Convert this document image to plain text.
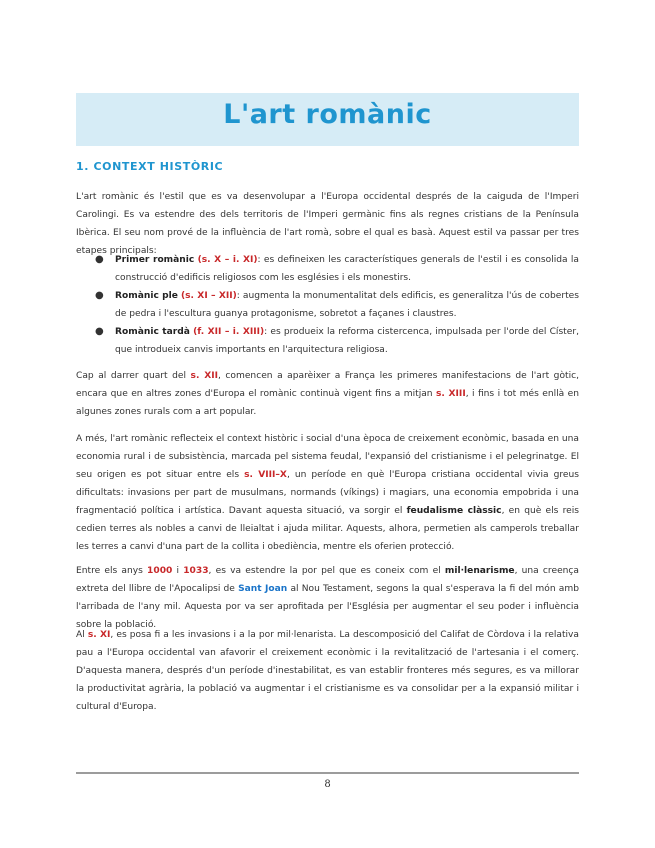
L'art romànic
1. CONTEXT HISTÒRIC
L'art romànic és l'estil que es va desenvolupar a l'Europa occidental després de la caiguda de l'Imperi Carolingi. Es va estendre des dels territoris de l'Imperi germànic fins als regnes cristians de la Península Ibèrica. El seu nom prové de la influència de l'art romà, sobre el qual es basà. Aquest estil va passar per tres etapes principals:
● Primer romànic (s. X – i. XI): es defineixen les característiques generals de l'estil i es consolida la construcció d'edificis religiosos com les esglésies i els monestirs.
● Romànic ple (s. XI – XII): augmenta la monumentalitat dels edificis, es generalitza l'ús de cobertes de pedra i l'escultura guanya protagonisme, sobretot a façanes i claustres.
● Romànic tardà (f. XII – i. XIII): es produeix la reforma cistercenca, impulsada per l'orde del Císter, que introdueix canvis importants en l'arquitectura religiosa.
Cap al darrer quart del s. XII, comencen a aparèixer a França les primeres manifestacions de l'art gòtic, encara que en altres zones d'Europa el romànic continuà vigent fins a mitjan s. XIII, i fins i tot més enllà en algunes zones rurals com a art popular.
A més, l'art romànic reflecteix el context històric i social d'una època de creixement econòmic, basada en una economia rural i de subsistència, marcada pel sistema feudal, l'expansió del cristianisme i el pelegrinatge. El seu origen es pot situar entre els s. VIII–X, un període en què l'Europa cristiana occidental vivia greus dificultats: invasions per part de musulmans, normands (víkings) i magiars, una economia empobrida i una fragmentació política i artística. Davant aquesta situació, va sorgir el feudalisme clàssic, en què els reis cedien terres als nobles a canvi de lleialtat i ajuda militar. Aquests, alhora, permetien als camperols treballar les terres a canvi d'una part de la collita i obediència, mentre els oferien protecció.
Entre els anys 1000 i 1033, es va estendre la por pel que es coneix com el mil·lenarisme, una creença extreta del llibre de l'Apocalipsi de Sant Joan al Nou Testament, segons la qual s'esperava la fi del món amb l'arribada de l'any mil. Aquesta por va ser aprofitada per l'Església per augmentar el seu poder i influència sobre la població.
Al s. XI, es posa fi a les invasions i a la por mil·lenarista. La descomposició del Califat de Còrdova i la relativa pau a l'Europa occidental van afavorir el creixement econòmic i la revitalització de l'artesania i el comerç. D'aquesta manera, després d'un període d'inestabilitat, es van establir fronteres més segures, es va millorar la productivitat agrària, la població va augmentar i el cristianisme es va consolidar per a la expansió militar i cultural d'Europa.
8
